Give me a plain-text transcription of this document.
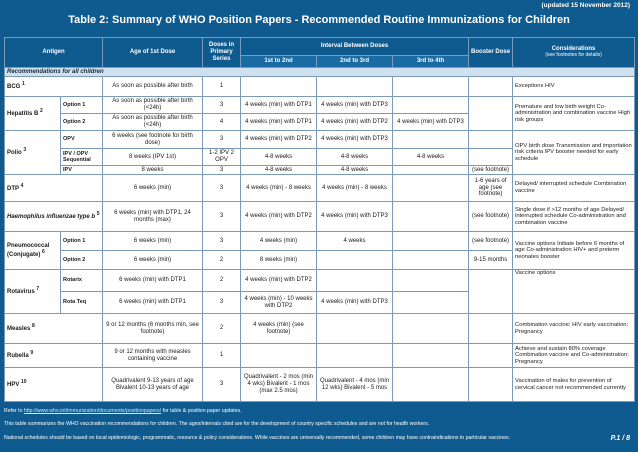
(updated 15 November 2012)
Table 2: Summary of WHO Position Papers - Recommended Routine Immunizations for Children
Antigen		Age of 1st Dose	Doses in Primary Series	Interval Between Doses			Booster Dose	Considerations
(see footnotes for details)

				1st to 2nd	2nd to 3rd	3rd to 4th		
Recommendations for all children								
BCG $^1$		As soon as possible after birth	1					Exceptions HIV
Hepatitis B $^2$	Option 1	As soon as possible after birth (<24h)	3	4 weeks (min) with DTP1	4 weeks (min) with DTP3			Premature and low birth weight Co-administration and combination vaccine High risk groups
	Option 2	As soon as possible after birth (<24h)	4	4 weeks (min) with DTP1	4 weeks (min) with DTP2	4 weeks (min) with DTP3		
Polio $^3$	OPV	6 weeks (see footnote for birth dose)	3	4 weeks (min) with DTP2	4 weeks (min) with DTP3			OPV birth dose Transmission and importation risk criteria IPV booster needed for early schedule
	IPV / OPV Sequential	8 weeks (IPV 1st)	1-2 IPV 2 OPV	4-8 weeks	4-8 weeks	4-8 weeks		
	IPV	8 weeks	3	4-8 weeks	4-8 weeks		(see footnote)	
DTP $^4$		6 weeks (min)	3	4 weeks (min) - 8 weeks	4 weeks (min) - 8 weeks		1-6 years of age (see footnote)	Delayed/ interrupted schedule Combination vaccine
Haemophilus influenzae type b $^5$		6 weeks (min) with DTP1, 24 months (max)	3	4 weeks (min) with DTP2	4 weeks (min) with DTP3		(see footnote)	Single dose if >12 months of age Delayed/ interrupted schedule Co-administration and combination vaccine
Pneumococcal (Conjugate) $^6$	Option 1	6 weeks (min)	3	4 weeks (min)	4 weeks		(see footnote)	Vaccine options Initiate before 6 months of age Co-administration HIV+ and preterm neonates booster
	Option 2	6 weeks (min)	2	8 weeks (min)			9-15 months	
Rotavirus $^7$	Rotarix	6 weeks (min) with DTP1	2	4 weeks (min) with DTP2				Vaccine options
	Rota Teq	6 weeks (min) with DTP1	3	4 weeks (min) - 10 weeks with DTP2	4 weeks (min) with DTP3			
Measles $^8$		9 or 12 months (6 months min, see footnote)	2	4 weeks (min) (see footnote)				Combination vaccine; HIV early vaccination; Pregnancy
Rubella $^9$		9 or 12 months with measles containing vaccine	1					Achieve and sustain 80% coverage Combination vaccine and Co-administration; Pregnancy
HPV $^{10}$		Quadrivalent 9-13 years of age Bivalent 10-13 years of age	3	Quadrivalent - 2 mos (min 4 wks) Bivalent - 1 mos (max 2.5 mos)	Quadrivalent - 4 mos (min 12 wks) Bivalent - 5 mos			Vaccination of males for prevention of cervical cancer not recommended currently
Refer to http://www.who.int/immunization/documents/positionpapers/ for table & position paper updates.
This table summarizes the WHO vaccination recommendations for children. The ages/intervals cited are for the development of country specific schedules and are not for health workers.
National schedules should be based on local epidemiologic, programmatic, resource & policy considerations. While vaccines are universally recommended, some children may have contraindications to particular vaccines.	P.1 / 8
